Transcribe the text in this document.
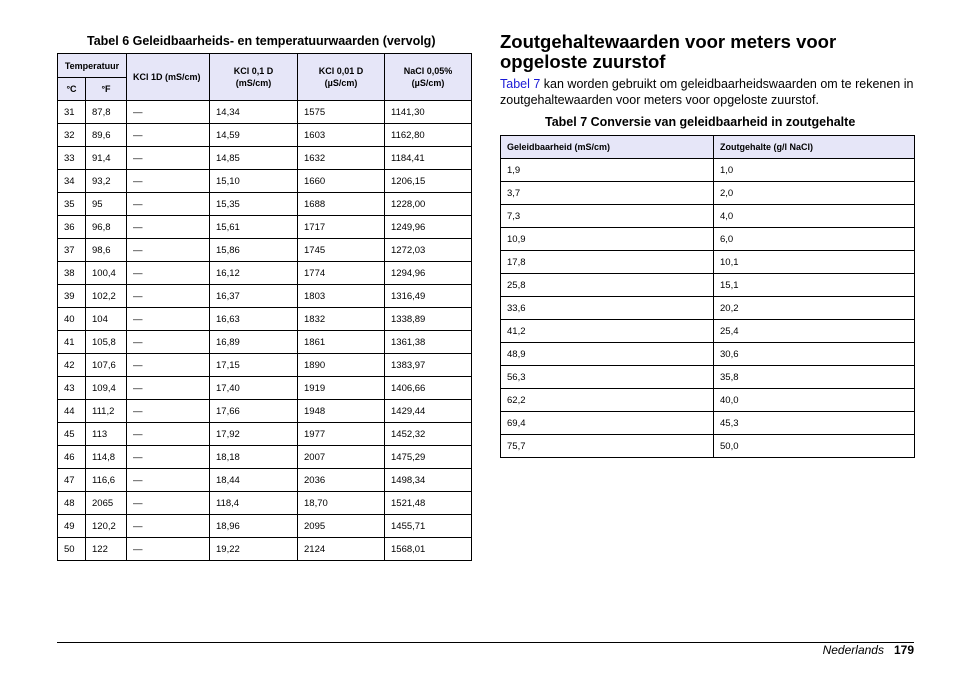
Tabel 6 Geleidbaarheids- en temperatuurwaarden (vervolg)
Temperatuur		KCl 1D (mS/cm)	KCl 0,1 D (mS/cm)	KCl 0,01 D (µS/cm)	NaCl 0,05% (µS/cm)
°C	°F				
31	87,8	—	14,34	1575	1141,30
32	89,6	—	14,59	1603	1162,80
33	91,4	—	14,85	1632	1184,41
34	93,2	—	15,10	1660	1206,15
35	95	—	15,35	1688	1228,00
36	96,8	—	15,61	1717	1249,96
37	98,6	—	15,86	1745	1272,03
38	100,4	—	16,12	1774	1294,96
39	102,2	—	16,37	1803	1316,49
40	104	—	16,63	1832	1338,89
41	105,8	—	16,89	1861	1361,38
42	107,6	—	17,15	1890	1383,97
43	109,4	—	17,40	1919	1406,66
44	111,2	—	17,66	1948	1429,44
45	113	—	17,92	1977	1452,32
46	114,8	—	18,18	2007	1475,29
47	116,6	—	18,44	2036	1498,34
48	2065	—	118,4	18,70	1521,48
49	120,2	—	18,96	2095	1455,71
50	122	—	19,22	2124	1568,01
Zoutgehaltewaarden voor meters voor opgeloste zuurstof
Tabel 7 kan worden gebruikt om geleidbaarheidswaarden om te rekenen in zoutgehaltewaarden voor meters voor opgeloste zuurstof.
Tabel 7 Conversie van geleidbaarheid in zoutgehalte
Geleidbaarheid (mS/cm)	Zoutgehalte (g/l NaCl)
1,9	1,0
3,7	2,0
7,3	4,0
10,9	6,0
17,8	10,1
25,8	15,1
33,6	20,2
41,2	25,4
48,9	30,6
56,3	35,8
62,2	40,0
69,4	45,3
75,7	50,0
Nederlands 179
